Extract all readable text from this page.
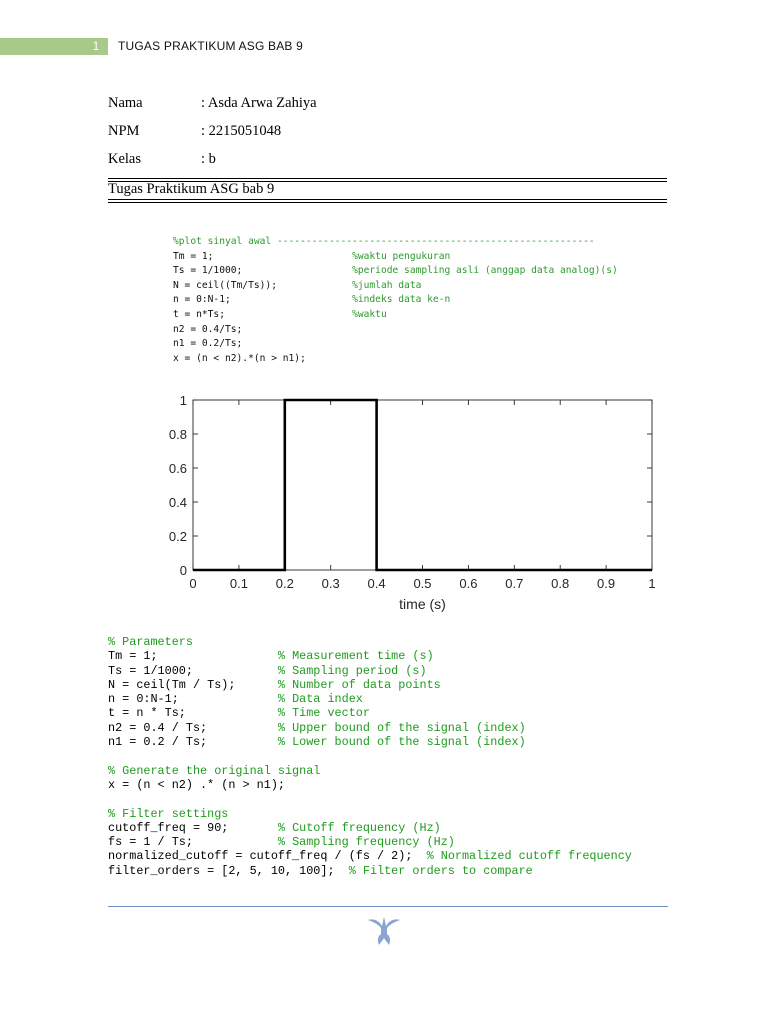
1	TUGAS PRAKTIKUM ASG BAB 9
Nama	: Asda Arwa Zahiya
NPM	: 2215051048
Kelas	: b
Tugas Praktikum ASG bab 9
%plot sinyal awal -------------------------------------------------------
Tm = 1;                        %waktu pengukuran
Ts = 1/1000;                   %periode sampling asli (anggap data analog)(s)
N = ceil((Tm/Ts));             %jumlah data
n = 0:N-1;                     %indeks data ke-n
t = n*Ts;                      %waktu
n2 = 0.4/Ts;
n1 = 0.2/Ts;
x = (n < n2).*(n > n1);
0	0.1 0.2 0.3 0.4 0.5 0.6 0.7 0.8 0.9	1
0
0.2
0.4
0.6
0.8
1
time (s)
% Parameters
Tm = 1;                 % Measurement time (s)
Ts = 1/1000;            % Sampling period (s)
N = ceil(Tm / Ts);      % Number of data points
n = 0:N-1;              % Data index
t = n * Ts;             % Time vector
n2 = 0.4 / Ts;          % Upper bound of the signal (index)
n1 = 0.2 / Ts;          % Lower bound of the signal (index)

% Generate the original signal
x = (n < n2) .* (n > n1);

% Filter settings
cutoff_freq = 90;       % Cutoff frequency (Hz)
fs = 1 / Ts;            % Sampling frequency (Hz)
normalized_cutoff = cutoff_freq / (fs / 2);  % Normalized cutoff frequency
filter_orders = [2, 5, 10, 100];  % Filter orders to compare
